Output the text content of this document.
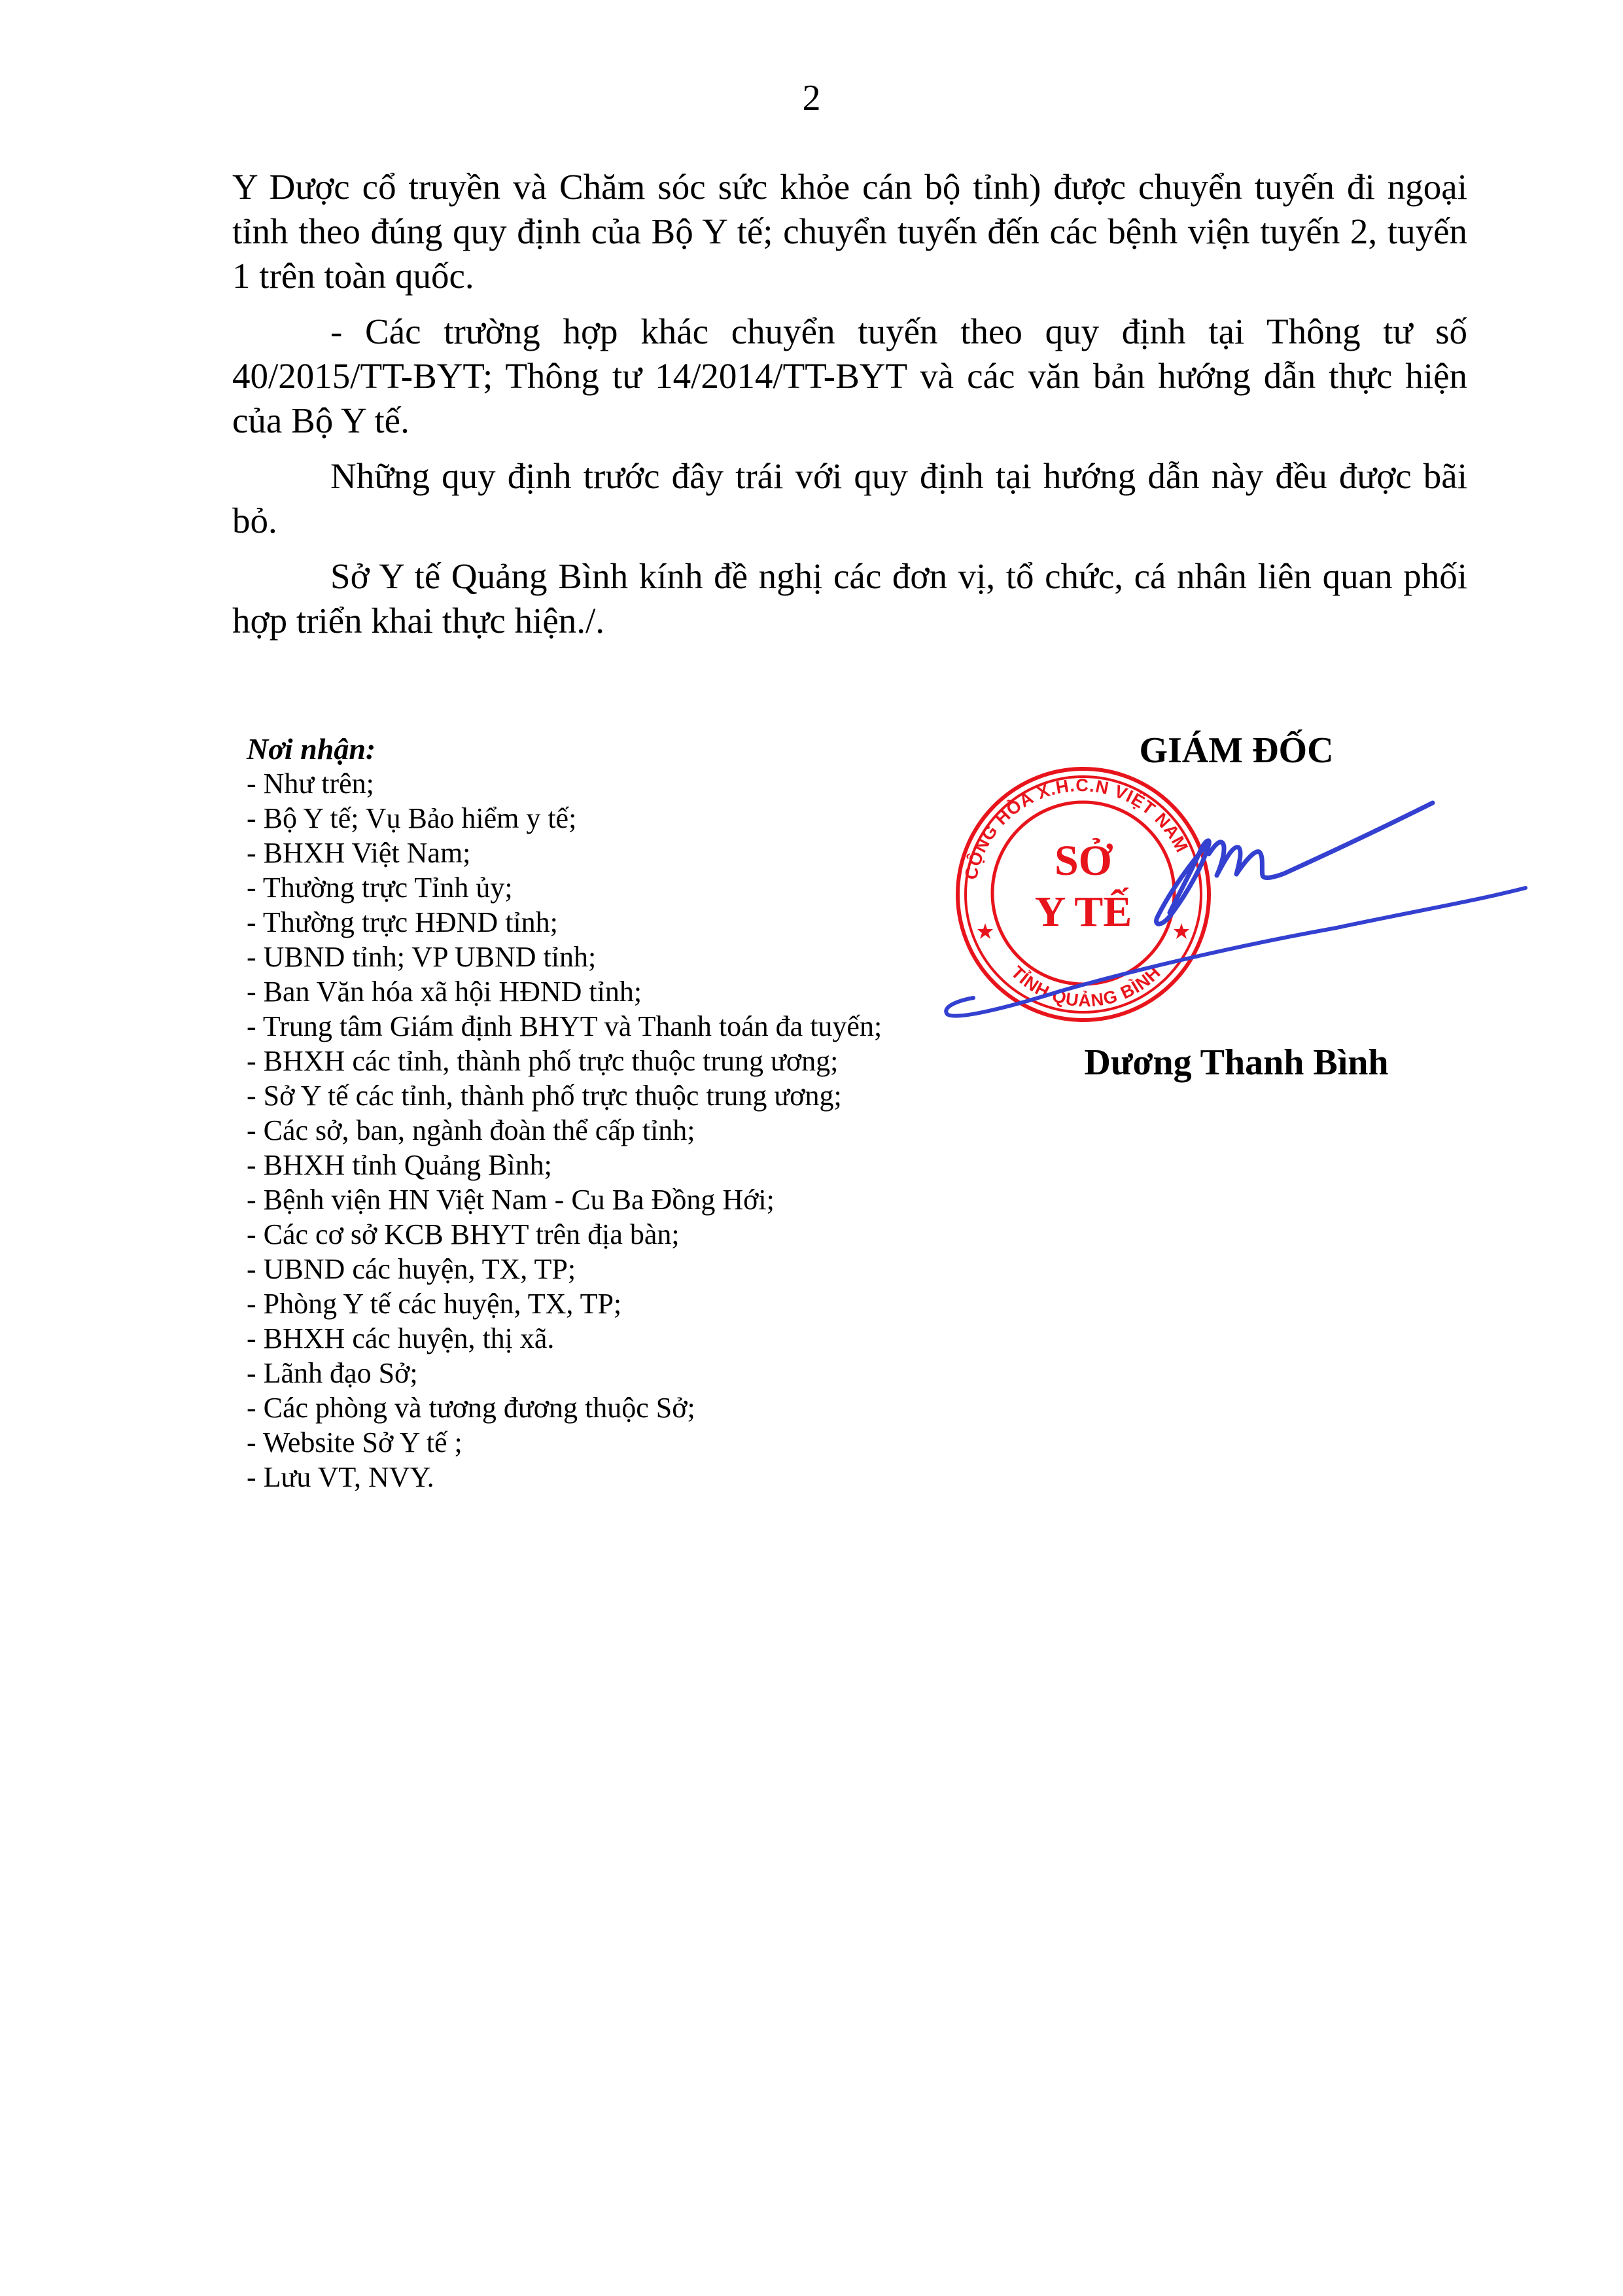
2

Y Dược cổ truyền và Chăm sóc sức khỏe cán bộ tỉnh) được chuyển tuyến đi ngoại tỉnh theo đúng quy định của Bộ Y tế; chuyển tuyến đến các bệnh viện tuyến 2, tuyến 1 trên toàn quốc.

- Các trường hợp khác chuyển tuyến theo quy định tại Thông tư số 40/2015/TT-BYT; Thông tư 14/2014/TT-BYT và các văn bản hướng dẫn thực hiện của Bộ Y tế.

Những quy định trước đây trái với quy định tại hướng dẫn này đều được bãi bỏ.

Sở Y tế Quảng Bình kính đề nghị các đơn vị, tổ chức, cá nhân liên quan phối hợp triển khai thực hiện./.

Nơi nhận:
- Như trên;
- Bộ Y tế; Vụ Bảo hiểm y tế;
- BHXH Việt Nam;
- Thường trực Tỉnh ủy;
- Thường trực HĐND tỉnh;
- UBND tỉnh; VP UBND tỉnh;
- Ban Văn hóa xã hội HĐND tỉnh;
- Trung tâm Giám định BHYT và Thanh toán đa tuyến;
- BHXH các tỉnh, thành phố trực thuộc trung ương;
- Sở Y tế các tỉnh, thành phố trực thuộc trung ương;
- Các sở, ban, ngành đoàn thể cấp tỉnh;
- BHXH tỉnh Quảng Bình;
- Bệnh viện HN Việt Nam - Cu Ba Đồng Hới;
- Các cơ sở KCB BHYT trên địa bàn;
- UBND các huyện, TX, TP;
- Phòng Y tế các huyện, TX, TP;
- BHXH các huyện, thị xã.
- Lãnh đạo Sở;
- Các phòng và tương đương thuộc Sở;
- Website Sở Y tế ;
- Lưu VT, NVY.
GIÁM ĐỐC
CỘNG HÒA X.H.C.N VIỆT NAM
TỈNH QUẢNG BÌNH
SỞ
Y TẾ
Dương Thanh Bình
